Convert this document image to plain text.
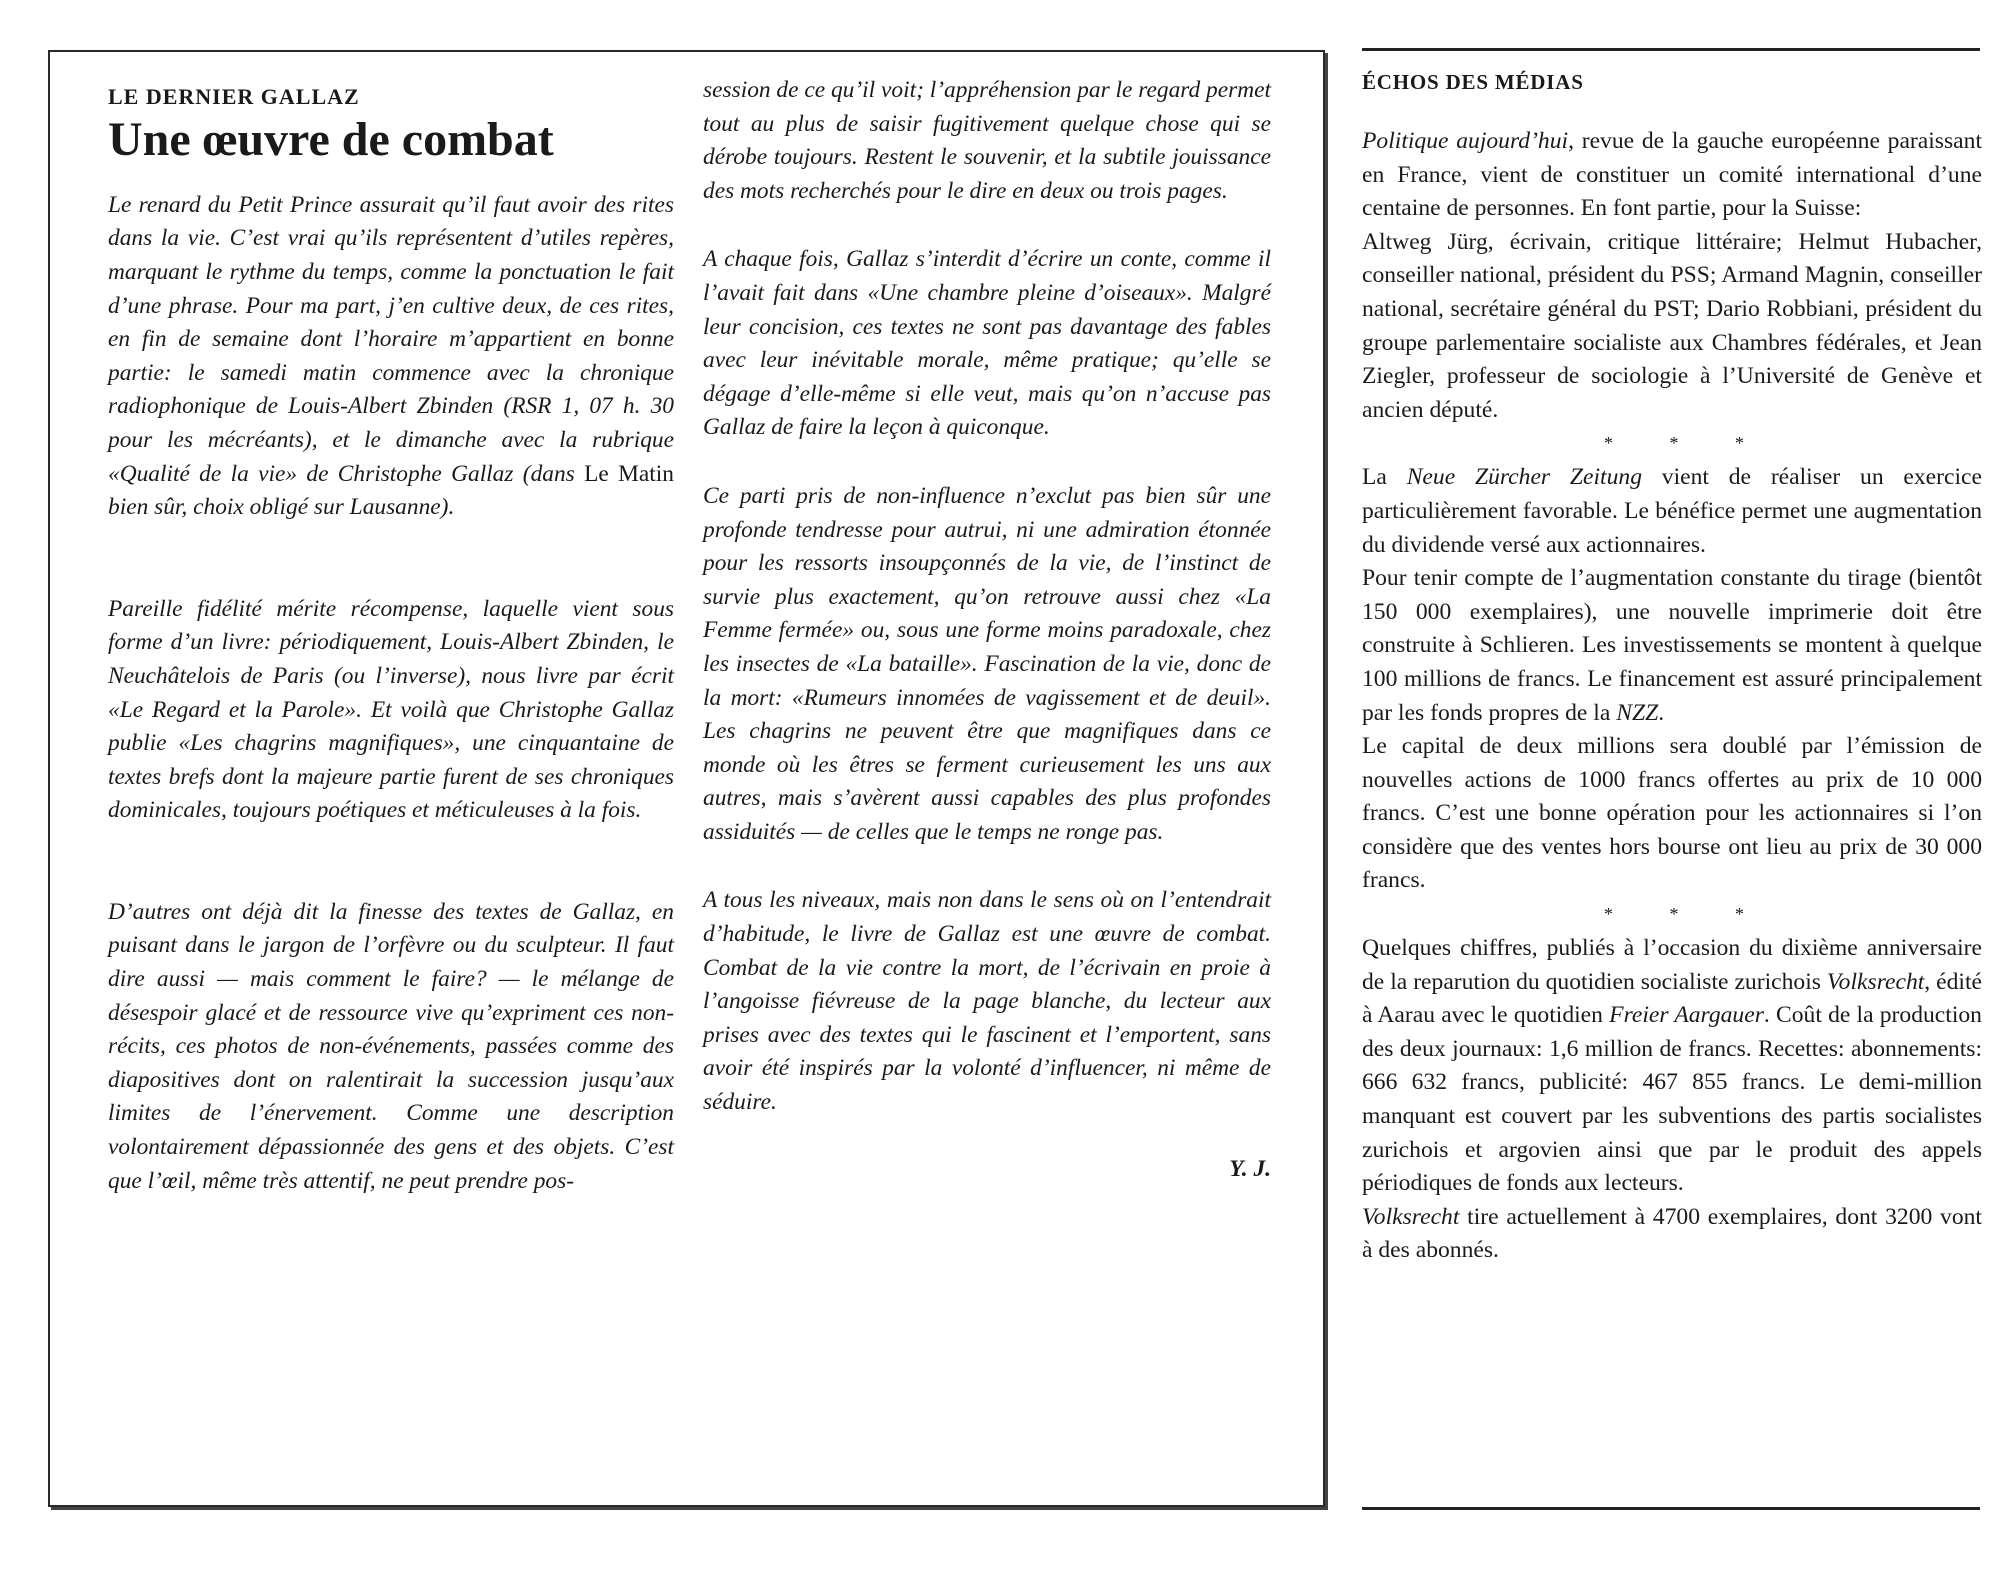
LE DERNIER GALLAZ
Une œuvre de combat

Le renard du Petit Prince assurait qu’il faut avoir des rites dans la vie. C’est vrai qu’ils représentent d’utiles repères, marquant le rythme du temps, comme la ponctuation le fait d’une phrase. Pour ma part, j’en cultive deux, de ces rites, en fin de semaine dont l’horaire m’appartient en bonne partie: le samedi matin commence avec la chronique radiophonique de Louis-Albert Zbinden (RSR 1, 07 h. 30 pour les mécréants), et le dimanche avec la rubrique «Qualité de la vie» de Christophe Gallaz (dans Le Matin bien sûr, choix obligé sur Lausanne).

Pareille fidélité mérite récompense, laquelle vient sous forme d’un livre: périodiquement, Louis-Albert Zbinden, le Neuchâtelois de Paris (ou l’inverse), nous livre par écrit «Le Regard et la Parole». Et voilà que Christophe Gallaz publie «Les chagrins magnifiques», une cinquantaine de textes brefs dont la majeure partie furent de ses chroniques dominicales, toujours poétiques et méticuleuses à la fois.

D’autres ont déjà dit la finesse des textes de Gallaz, en puisant dans le jargon de l’orfèvre ou du sculpteur. Il faut dire aussi — mais comment le faire? — le mélange de désespoir glacé et de ressource vive qu’expriment ces non-récits, ces photos de non-événements, passées comme des diapositives dont on ralentirait la succession jusqu’aux limites de l’énervement. Comme une description volontairement dépassionnée des gens et des objets. C’est que l’œil, même très attentif, ne peut prendre pos-

session de ce qu’il voit; l’appréhension par le regard permet tout au plus de saisir fugitivement quelque chose qui se dérobe toujours. Restent le souvenir, et la subtile jouissance des mots recherchés pour le dire en deux ou trois pages.

A chaque fois, Gallaz s’interdit d’écrire un conte, comme il l’avait fait dans «Une chambre pleine d’oiseaux». Malgré leur concision, ces textes ne sont pas davantage des fables avec leur inévitable morale, même pratique; qu’elle se dégage d’elle-même si elle veut, mais qu’on n’accuse pas Gallaz de faire la leçon à quiconque.

Ce parti pris de non-influence n’exclut pas bien sûr une profonde tendresse pour autrui, ni une admiration étonnée pour les ressorts insoupçonnés de la vie, de l’instinct de survie plus exactement, qu’on retrouve aussi chez «La Femme fermée» ou, sous une forme moins paradoxale, chez les insectes de «La bataille». Fascination de la vie, donc de la mort: «Rumeurs innomées de vagissement et de deuil». Les chagrins ne peuvent être que magnifiques dans ce monde où les êtres se ferment curieusement les uns aux autres, mais s’avèrent aussi capables des plus profondes assiduités — de celles que le temps ne ronge pas.

A tous les niveaux, mais non dans le sens où on l’entendrait d’habitude, le livre de Gallaz est une œuvre de combat. Combat de la vie contre la mort, de l’écrivain en proie à l’angoisse fiévreuse de la page blanche, du lecteur aux prises avec des textes qui le fascinent et l’emportent, sans avoir été inspirés par la volonté d’influencer, ni même de séduire.

Y. J.

ÉCHOS DES MÉDIAS

Politique aujourd’hui, revue de la gauche européenne paraissant en France, vient de constituer un comité international d’une centaine de personnes. En font partie, pour la Suisse:

Altweg Jürg, écrivain, critique littéraire; Helmut Hubacher, conseiller national, président du PSS; Armand Magnin, conseiller national, secrétaire général du PST; Dario Robbiani, président du groupe parlementaire socialiste aux Chambres fédérales, et Jean Ziegler, professeur de sociologie à l’Université de Genève et ancien député.

* * *

La Neue Zürcher Zeitung vient de réaliser un exercice particulièrement favorable. Le bénéfice permet une augmentation du dividende versé aux actionnaires.

Pour tenir compte de l’augmentation constante du tirage (bientôt 150 000 exemplaires), une nouvelle imprimerie doit être construite à Schlieren. Les investissements se montent à quelque 100 millions de francs. Le financement est assuré principalement par les fonds propres de la NZZ.

Le capital de deux millions sera doublé par l’émission de nouvelles actions de 1000 francs offertes au prix de 10 000 francs. C’est une bonne opération pour les actionnaires si l’on considère que des ventes hors bourse ont lieu au prix de 30 000 francs.

* * *

Quelques chiffres, publiés à l’occasion du dixième anniversaire de la reparution du quotidien socialiste zurichois Volksrecht, édité à Aarau avec le quotidien Freier Aargauer. Coût de la production des deux journaux: 1,6 million de francs. Recettes: abonnements: 666 632 francs, publicité: 467 855 francs. Le demi-million manquant est couvert par les subventions des partis socialistes zurichois et argovien ainsi que par le produit des appels périodiques de fonds aux lecteurs.

Volksrecht tire actuellement à 4700 exemplaires, dont 3200 vont à des abonnés.
